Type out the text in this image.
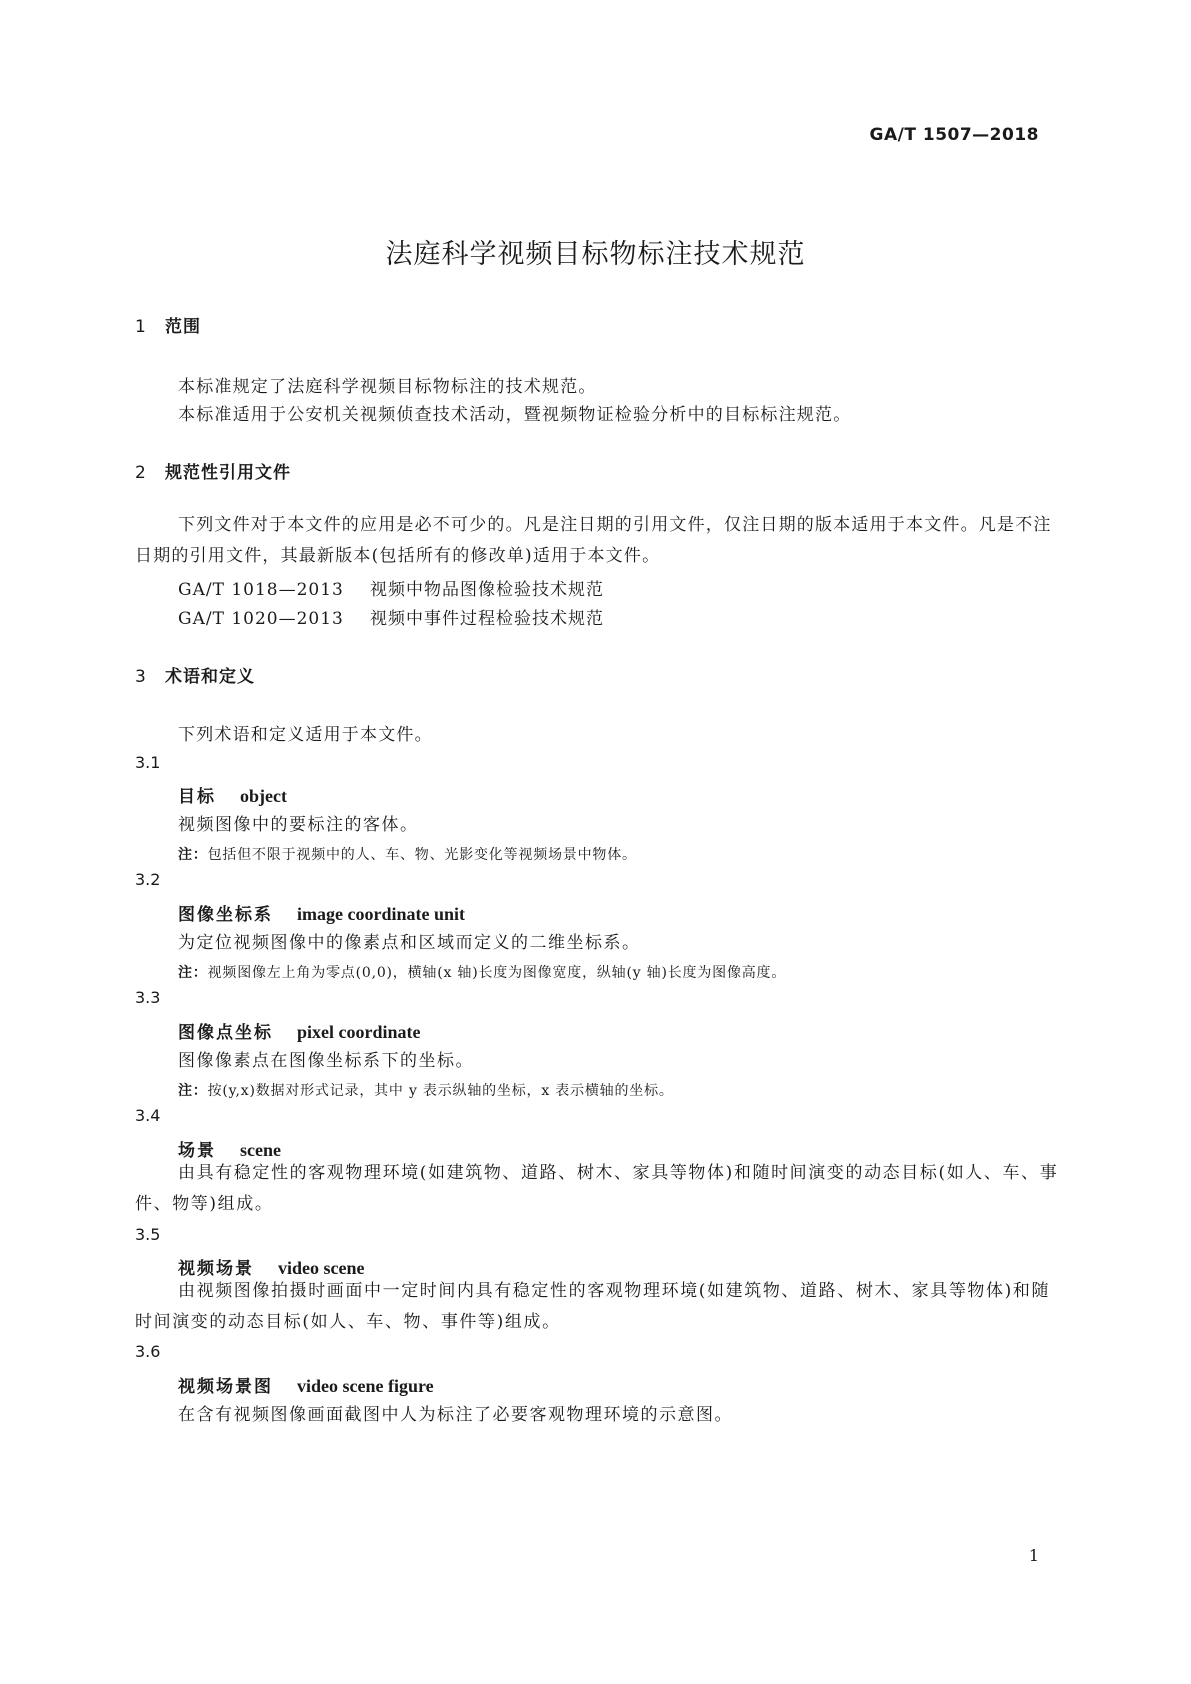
GA/T 1507—2018
法庭科学视频目标物标注技术规范
1 范围
本标准规定了法庭科学视频目标物标注的技术规范。
本标准适用于公安机关视频侦查技术活动，暨视频物证检验分析中的目标标注规范。
2 规范性引用文件
下列文件对于本文件的应用是必不可少的。凡是注日期的引用文件，仅注日期的版本适用于本文件。凡是不注日期的引用文件，其最新版本(包括所有的修改单)适用于本文件。
GA/T 1018—2013 视频中物品图像检验技术规范
GA/T 1020—2013 视频中事件过程检验技术规范
3 术语和定义
下列术语和定义适用于本文件。
3.1
目标 object
视频图像中的要标注的客体。
注：包括但不限于视频中的人、车、物、光影变化等视频场景中物体。
3.2
图像坐标系 image coordinate unit
为定位视频图像中的像素点和区域而定义的二维坐标系。
注：视频图像左上角为零点(0,0)，横轴(x 轴)长度为图像宽度，纵轴(y 轴)长度为图像高度。
3.3
图像点坐标 pixel coordinate
图像像素点在图像坐标系下的坐标。
注：按(y,x)数据对形式记录，其中 y 表示纵轴的坐标，x 表示横轴的坐标。
3.4
场景 scene
由具有稳定性的客观物理环境(如建筑物、道路、树木、家具等物体)和随时间演变的动态目标(如人、车、事件、物等)组成。
3.5
视频场景 video scene
由视频图像拍摄时画面中一定时间内具有稳定性的客观物理环境(如建筑物、道路、树木、家具等物体)和随时间演变的动态目标(如人、车、物、事件等)组成。
3.6
视频场景图 video scene figure
在含有视频图像画面截图中人为标注了必要客观物理环境的示意图。
1
